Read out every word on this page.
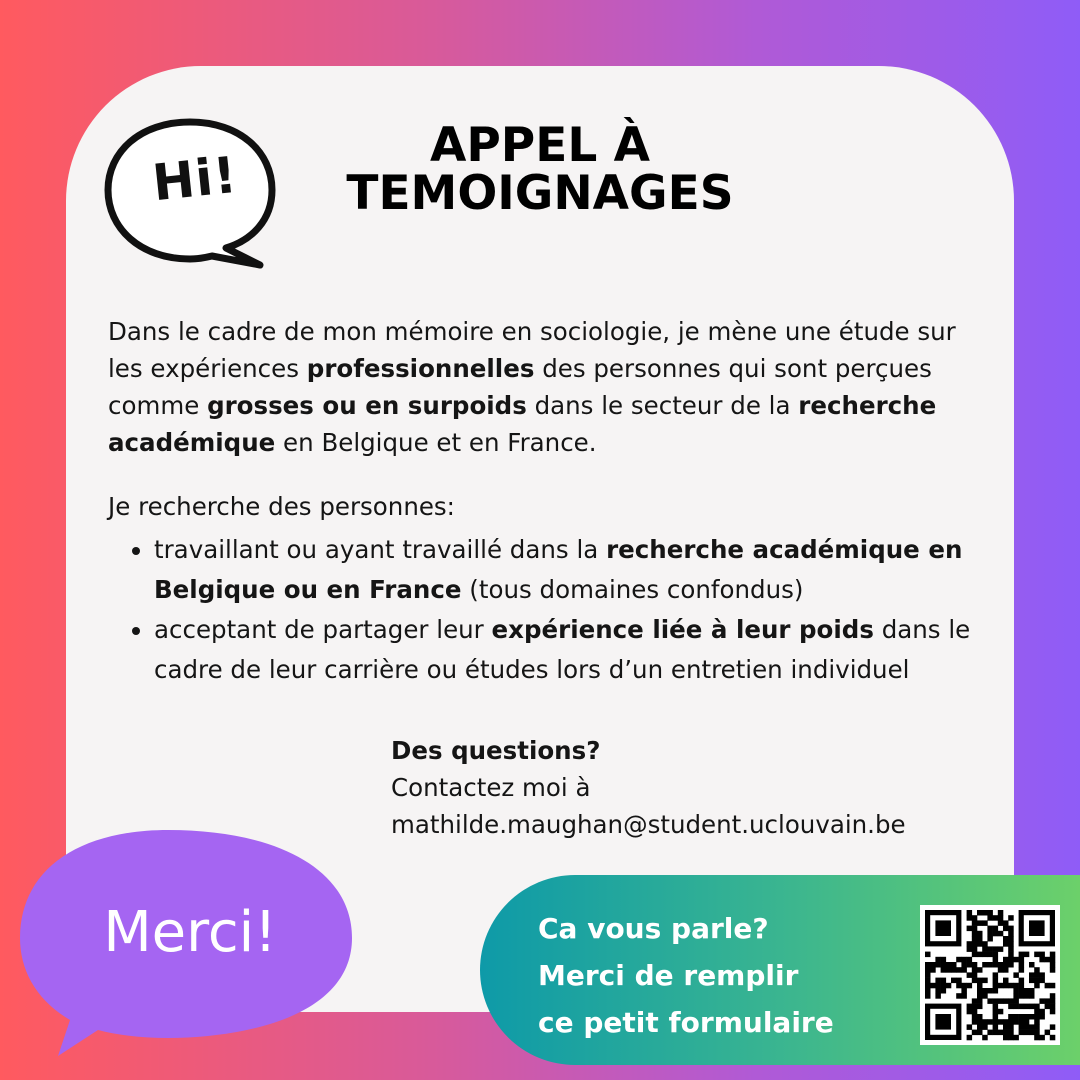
Hi!
APPEL À
TEMOIGNAGES
Dans le cadre de mon mémoire en sociologie, je mène une étude sur les expériences professionnelles des personnes qui sont perçues comme grosses ou en surpoids dans le secteur de la recherche académique en Belgique et en France.
Je recherche des personnes:
• travaillant ou ayant travaillé dans la recherche académique en Belgique ou en France (tous domaines confondus)
• acceptant de partager leur expérience liée à leur poids dans le cadre de leur carrière ou études lors d’un entretien individuel
Des questions?
Contactez moi à
mathilde.maughan@student.uclouvain.be
Merci!	Ca vous parle?
Merci de remplir
ce petit formulaire
